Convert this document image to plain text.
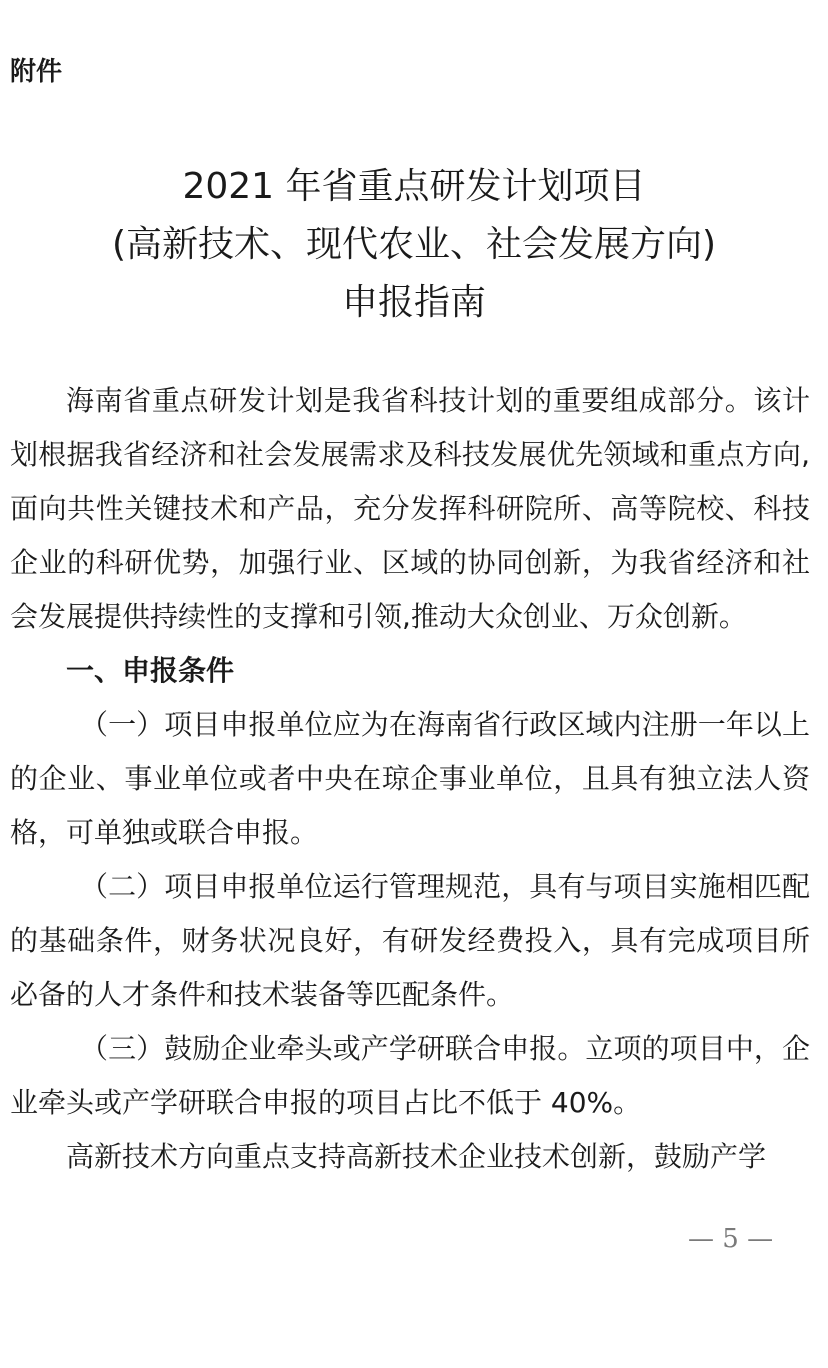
附件
2021 年省重点研发计划项目
(高新技术、现代农业、社会发展方向)
申报指南

海南省重点研发计划是我省科技计划的重要组成部分。该计划根据我省经济和社会发展需求及科技发展优先领域和重点方向,面向共性关键技术和产品，充分发挥科研院所、高等院校、科技企业的科研优势，加强行业、区域的协同创新，为我省经济和社会发展提供持续性的支撑和引领,推动大众创业、万众创新。

一、申报条件

（一）项目申报单位应为在海南省行政区域内注册一年以上的企业、事业单位或者中央在琼企事业单位，且具有独立法人资格，可单独或联合申报。

（二）项目申报单位运行管理规范，具有与项目实施相匹配的基础条件，财务状况良好，有研发经费投入，具有完成项目所必备的人才条件和技术装备等匹配条件。

（三）鼓励企业牵头或产学研联合申报。立项的项目中，企业牵头或产学研联合申报的项目占比不低于 40%。

高新技术方向重点支持高新技术企业技术创新，鼓励产学

— 5 —
